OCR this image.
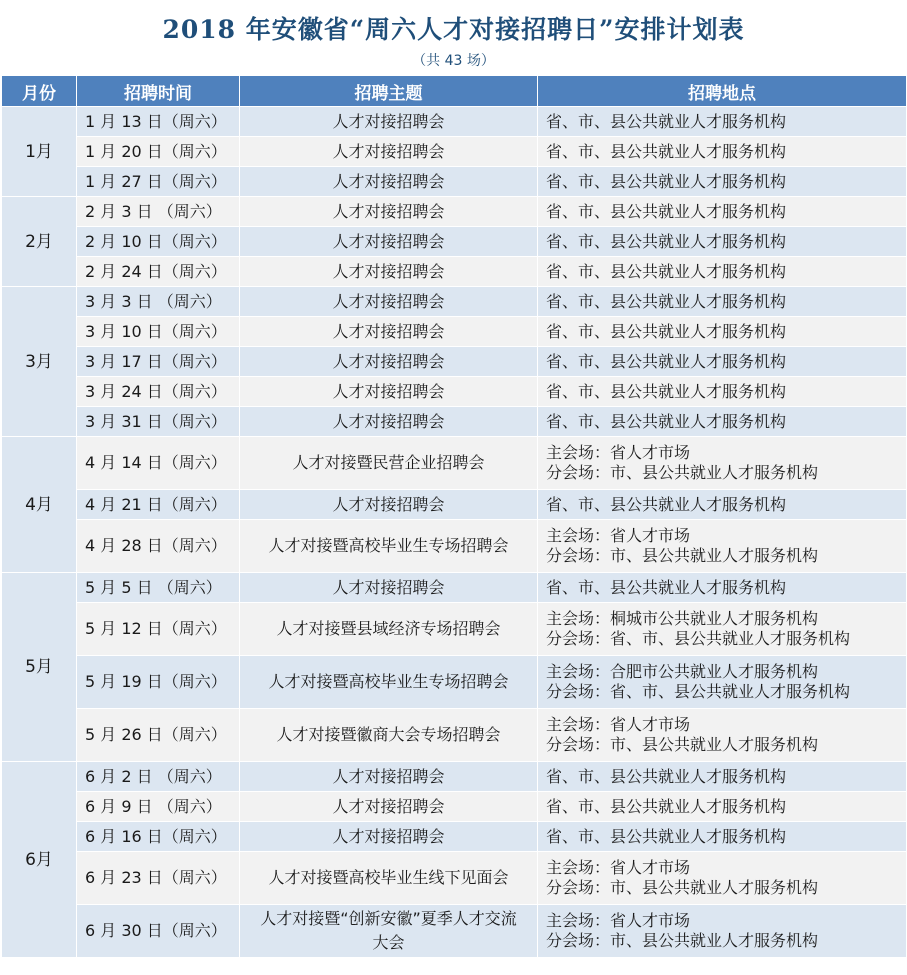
2018 年安徽省“周六人才对接招聘日”安排计划表
（共 43 场）
月份	招聘时间	招聘主题	招聘地点
1月	1 月 13 日（周六）	人才对接招聘会	省、市、县公共就业人才服务机构

	1 月 20 日（周六）	人才对接招聘会	省、市、县公共就业人才服务机构

	1 月 27 日（周六）	人才对接招聘会	省、市、县公共就业人才服务机构

2月	2 月 3 日 （周六）	人才对接招聘会	省、市、县公共就业人才服务机构

	2 月 10 日（周六）	人才对接招聘会	省、市、县公共就业人才服务机构

	2 月 24 日（周六）	人才对接招聘会	省、市、县公共就业人才服务机构

3月	3 月 3 日 （周六）	人才对接招聘会	省、市、县公共就业人才服务机构

	3 月 10 日（周六）	人才对接招聘会	省、市、县公共就业人才服务机构

	3 月 17 日（周六）	人才对接招聘会	省、市、县公共就业人才服务机构

	3 月 24 日（周六）	人才对接招聘会	省、市、县公共就业人才服务机构

	3 月 31 日（周六）	人才对接招聘会	省、市、县公共就业人才服务机构

4月	4 月 14 日（周六）	人才对接暨民营企业招聘会	主会场：省人才市场
分会场：市、县公共就业人才服务机构

	4 月 21 日（周六）	人才对接招聘会	省、市、县公共就业人才服务机构

	4 月 28 日（周六）	人才对接暨高校毕业生专场招聘会	主会场：省人才市场
分会场：市、县公共就业人才服务机构

5月	5 月 5 日 （周六）	人才对接招聘会	省、市、县公共就业人才服务机构

	5 月 12 日（周六）	人才对接暨县域经济专场招聘会	主会场：桐城市公共就业人才服务机构
分会场：省、市、县公共就业人才服务机构

	5 月 19 日（周六）	人才对接暨高校毕业生专场招聘会	主会场：合肥市公共就业人才服务机构
分会场：省、市、县公共就业人才服务机构

	5 月 26 日（周六）	人才对接暨徽商大会专场招聘会	主会场：省人才市场
分会场：市、县公共就业人才服务机构

6月	6 月 2 日 （周六）	人才对接招聘会	省、市、县公共就业人才服务机构

	6 月 9 日 （周六）	人才对接招聘会	省、市、县公共就业人才服务机构

	6 月 16 日（周六）	人才对接招聘会	省、市、县公共就业人才服务机构

	6 月 23 日（周六）	人才对接暨高校毕业生线下见面会	主会场：省人才市场
分会场：市、县公共就业人才服务机构

	6 月 30 日（周六）	人才对接暨“创新安徽”夏季人才交流大会	主会场：省人才市场
分会场：市、县公共就业人才服务机构
